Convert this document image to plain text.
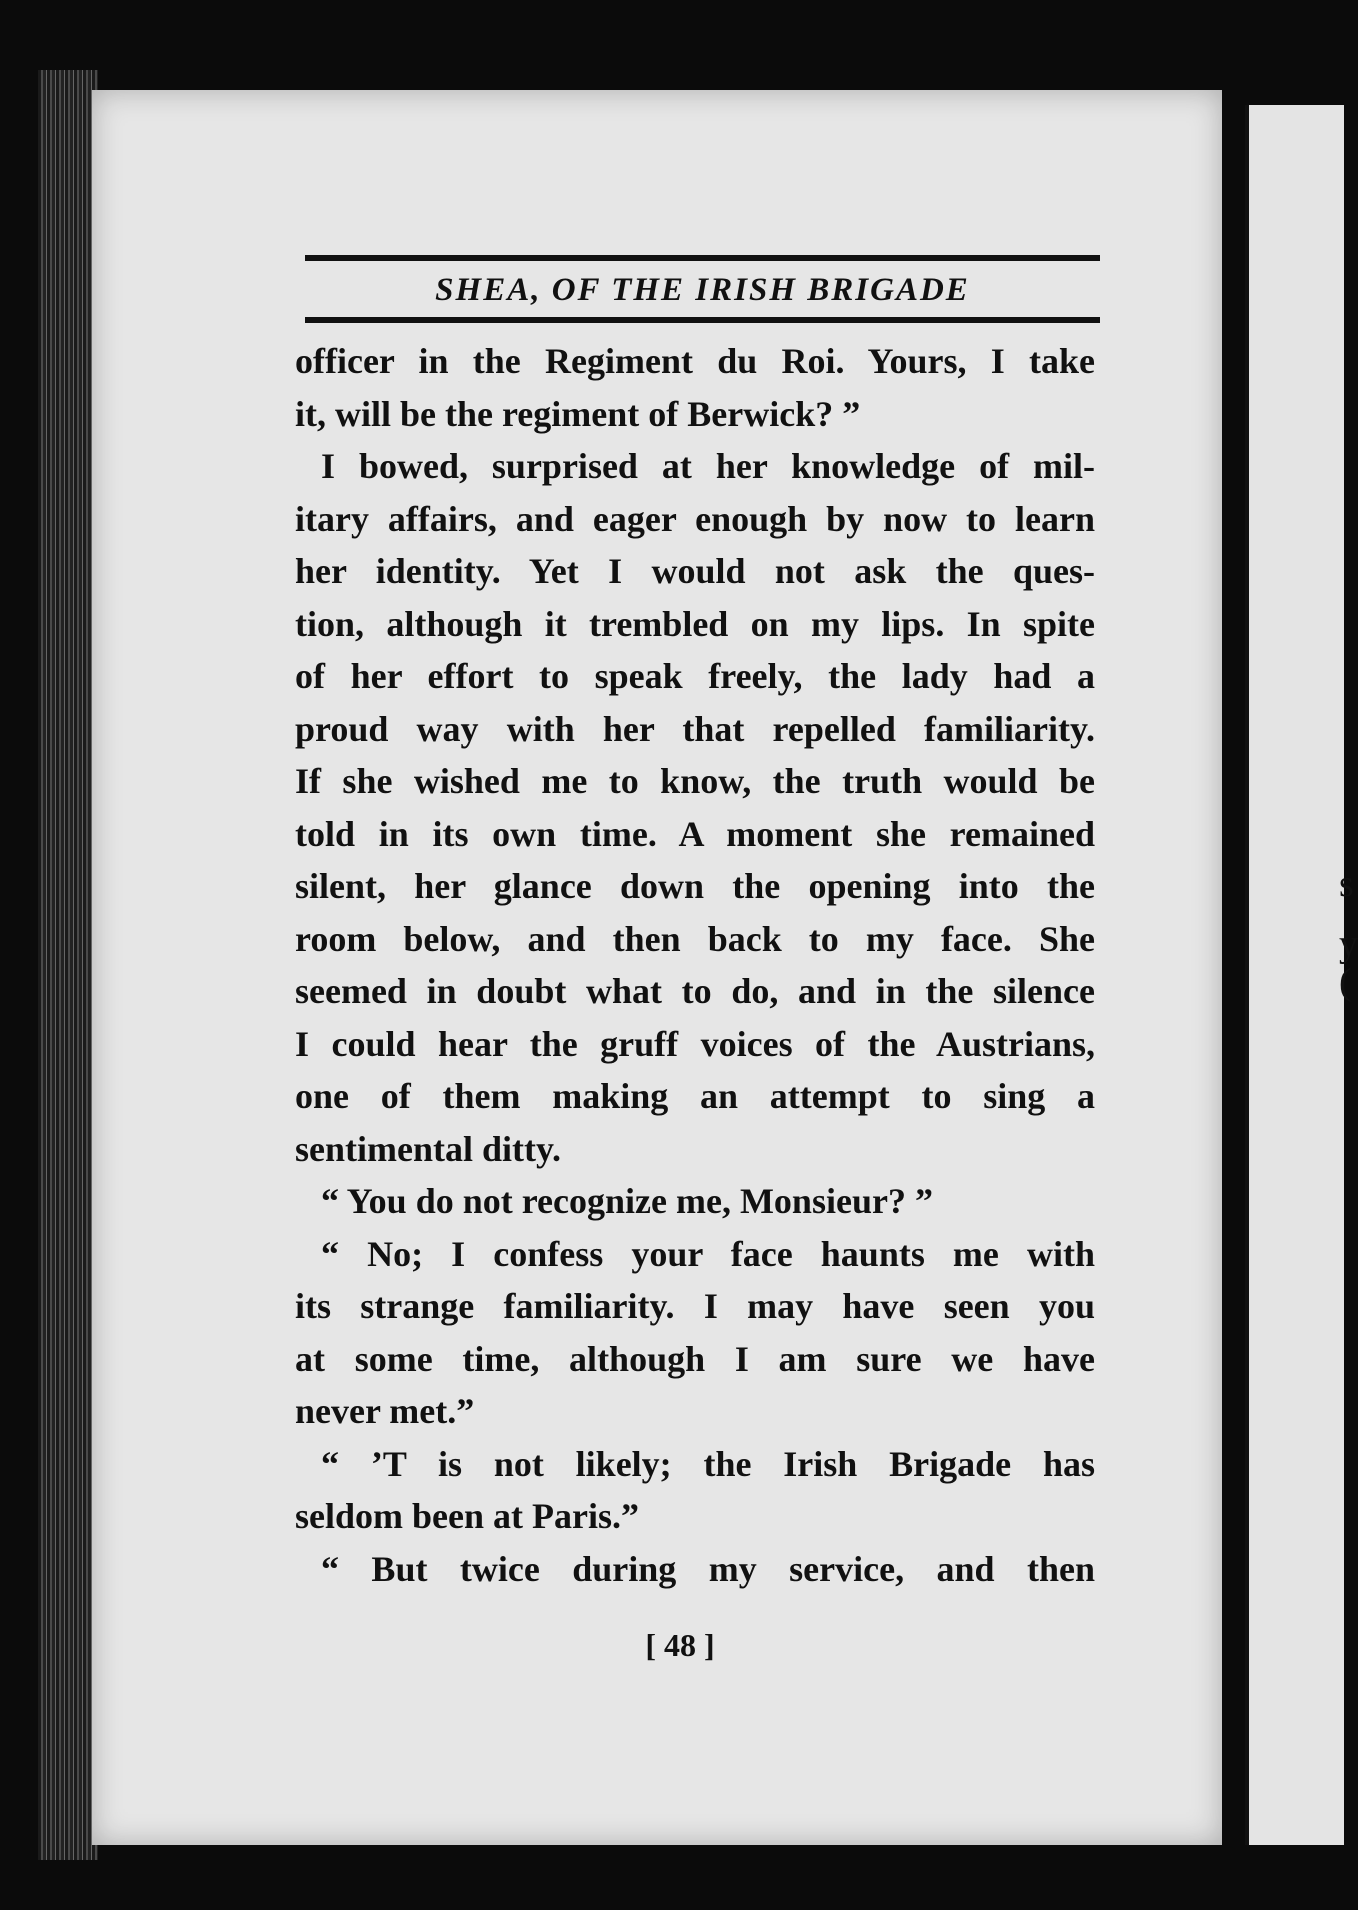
s
y
(
SHEA, OF THE IRISH BRIGADE
officer in the Regiment du Roi. Yours, I take
it, will be the regiment of Berwick? ”
I bowed, surprised at her knowledge of mil-
itary affairs, and eager enough by now to learn
her identity. Yet I would not ask the ques-
tion, although it trembled on my lips. In spite
of her effort to speak freely, the lady had a
proud way with her that repelled familiarity.
If she wished me to know, the truth would be
told in its own time. A moment she remained
silent, her glance down the opening into the
room below, and then back to my face. She
seemed in doubt what to do, and in the silence
I could hear the gruff voices of the Austrians,
one of them making an attempt to sing a
sentimental ditty.
“ You do not recognize me, Monsieur? ”
“ No; I confess your face haunts me with
its strange familiarity. I may have seen you
at some time, although I am sure we have
never met.”
“ ’T is not likely; the Irish Brigade has
seldom been at Paris.”
“ But twice during my service, and then
[ 48 ]
